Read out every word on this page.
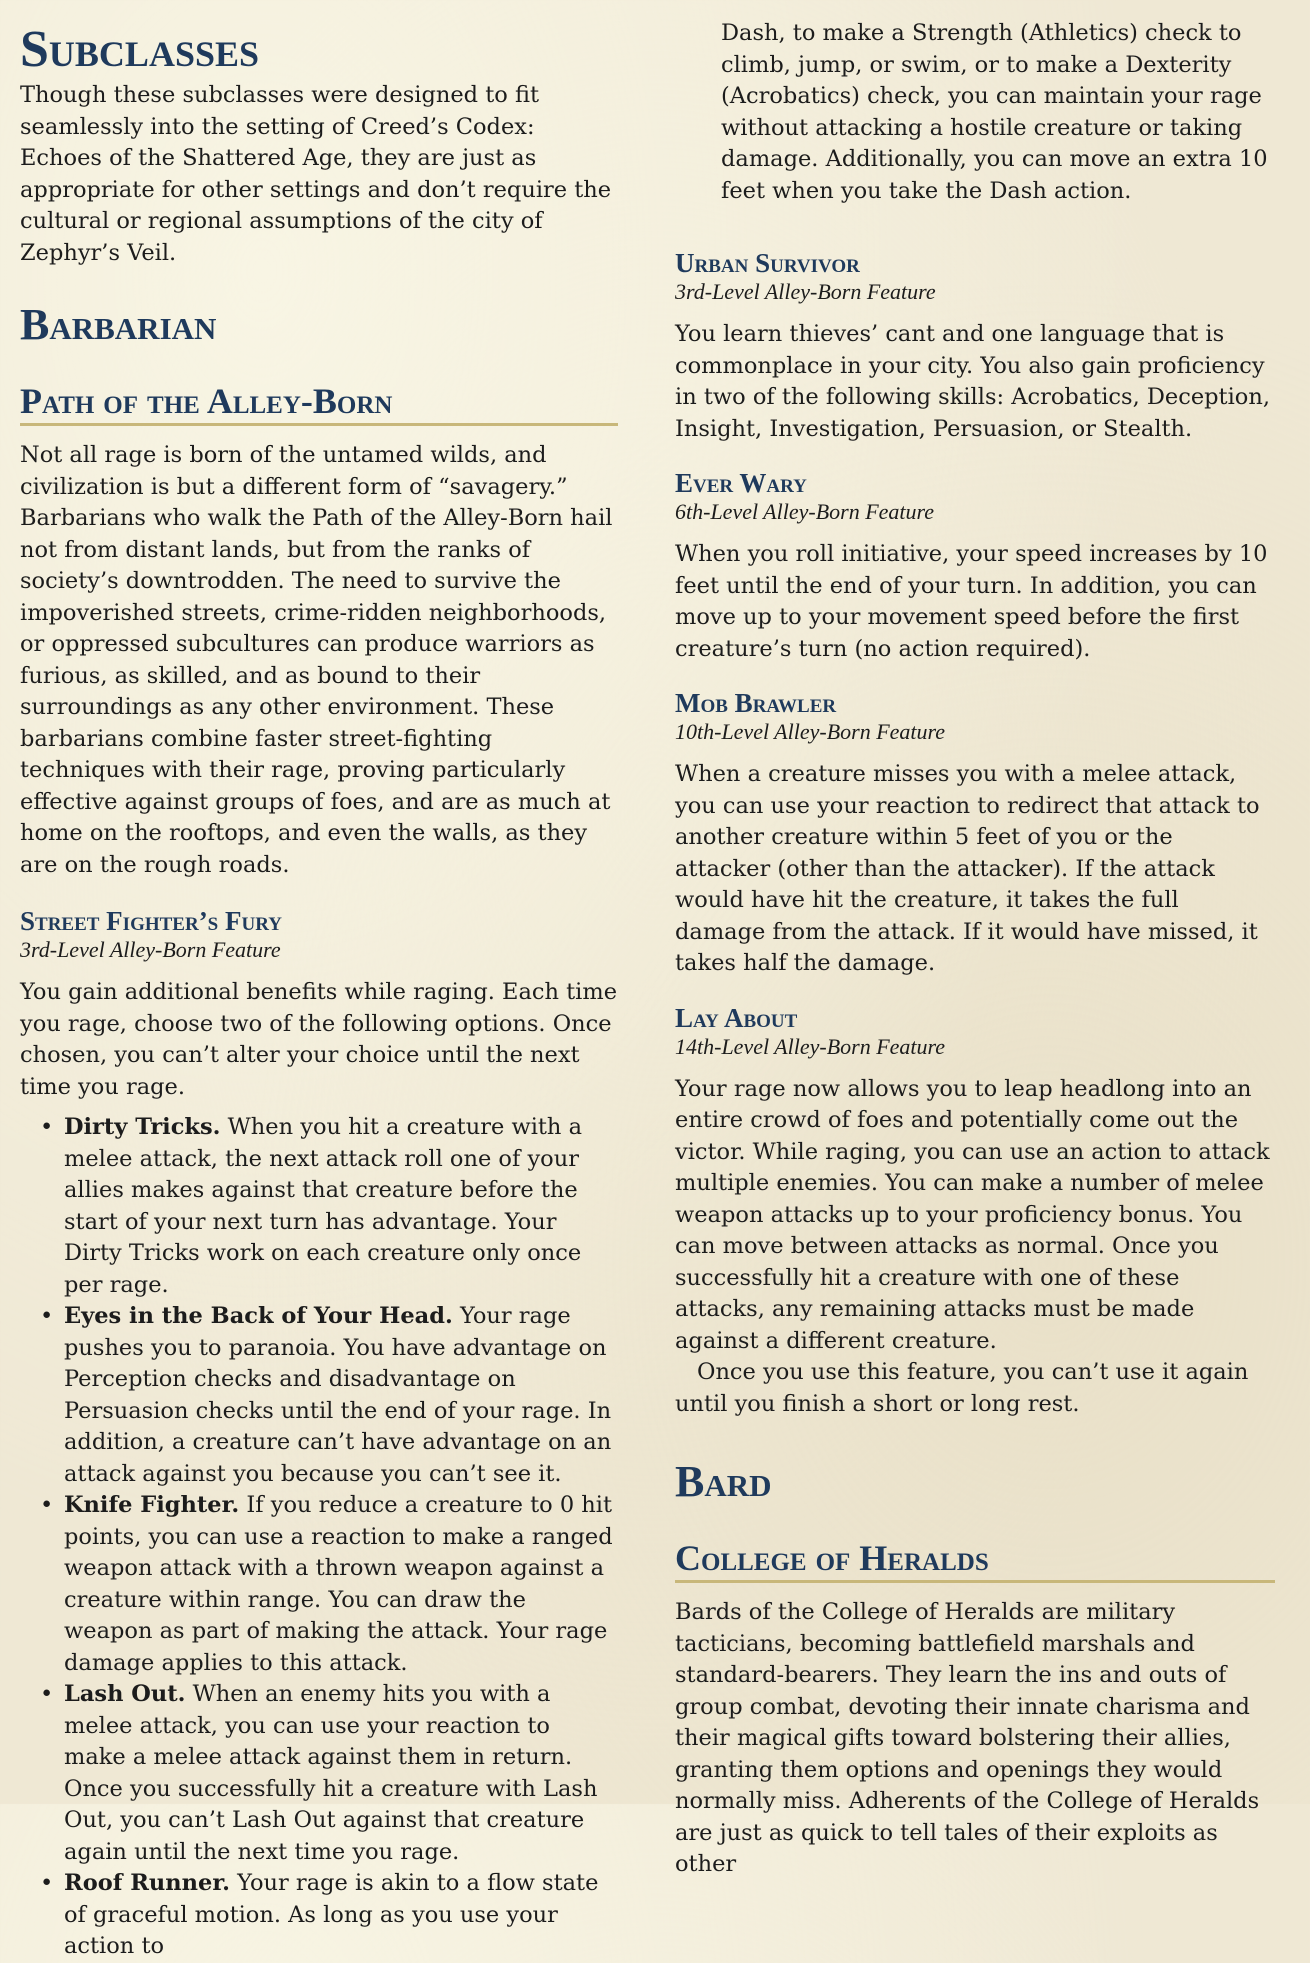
Subclasses

Though these subclasses were designed to fit seamlessly into the setting of Creed’s Codex: Echoes of the Shattered Age, they are just as appropriate for other settings and don’t require the cultural or regional assumptions of the city of Zephyr’s Veil.

Barbarian
Path of the Alley-Born

Not all rage is born of the untamed wilds, and civilization is but a different form of “savagery.” Barbarians who walk the Path of the Alley-Born hail not from distant lands, but from the ranks of society’s downtrodden. The need to survive the impoverished streets, crime-ridden neighborhoods, or oppressed subcultures can produce warriors as furious, as skilled, and as bound to their surroundings as any other environment. These barbarians combine faster street-fighting techniques with their rage, proving particularly effective against groups of foes, and are as much at home on the rooftops, and even the walls, as they are on the rough roads.

Street Fighter’s Fury

3rd-Level Alley-Born Feature

You gain additional benefits while raging. Each time you rage, choose two of the following options. Once chosen, you can’t alter your choice until the next time you rage.

• Dirty Tricks. When you hit a creature with a melee attack, the next attack roll one of your allies makes against that creature before the start of your next turn has advantage. Your Dirty Tricks work on each creature only once per rage.
• Eyes in the Back of Your Head. Your rage pushes you to paranoia. You have advantage on Perception checks and disadvantage on Persuasion checks until the end of your rage. In addition, a creature can’t have advantage on an attack against you because you can’t see it.
• Knife Fighter. If you reduce a creature to 0 hit points, you can use a reaction to make a ranged weapon attack with a thrown weapon against a creature within range. You can draw the weapon as part of making the attack. Your rage damage applies to this attack.
• Lash Out. When an enemy hits you with a melee attack, you can use your reaction to make a melee attack against them in return. Once you successfully hit a creature with Lash Out, you can’t Lash Out against that creature again until the next time you rage.
• Roof Runner. Your rage is akin to a flow state of graceful motion. As long as you use your action to

Dash, to make a Strength (Athletics) check to climb, jump, or swim, or to make a Dexterity (Acrobatics) check, you can maintain your rage without attacking a hostile creature or taking damage. Additionally, you can move an extra 10 feet when you take the Dash action.

Urban Survivor

3rd-Level Alley-Born Feature

You learn thieves’ cant and one language that is commonplace in your city. You also gain proficiency in two of the following skills: Acrobatics, Deception, Insight, Investigation, Persuasion, or Stealth.

Ever Wary

6th-Level Alley-Born Feature

When you roll initiative, your speed increases by 10 feet until the end of your turn. In addition, you can move up to your movement speed before the first creature’s turn (no action required).

Mob Brawler

10th-Level Alley-Born Feature

When a creature misses you with a melee attack, you can use your reaction to redirect that attack to another creature within 5 feet of you or the attacker (other than the attacker). If the attack would have hit the creature, it takes the full damage from the attack. If it would have missed, it takes half the damage.

Lay About

14th-Level Alley-Born Feature

Your rage now allows you to leap headlong into an entire crowd of foes and potentially come out the victor. While raging, you can use an action to attack multiple enemies. You can make a number of melee weapon attacks up to your proficiency bonus. You can move between attacks as normal. Once you successfully hit a creature with one of these attacks, any remaining attacks must be made against a different creature.

Once you use this feature, you can’t use it again until you finish a short or long rest.

Bard
College of Heralds

Bards of the College of Heralds are military tacticians, becoming battlefield marshals and standard-bearers. They learn the ins and outs of group combat, devoting their innate charisma and their magical gifts toward bolstering their allies, granting them options and openings they would normally miss. Adherents of the College of Heralds are just as quick to tell tales of their exploits as other
